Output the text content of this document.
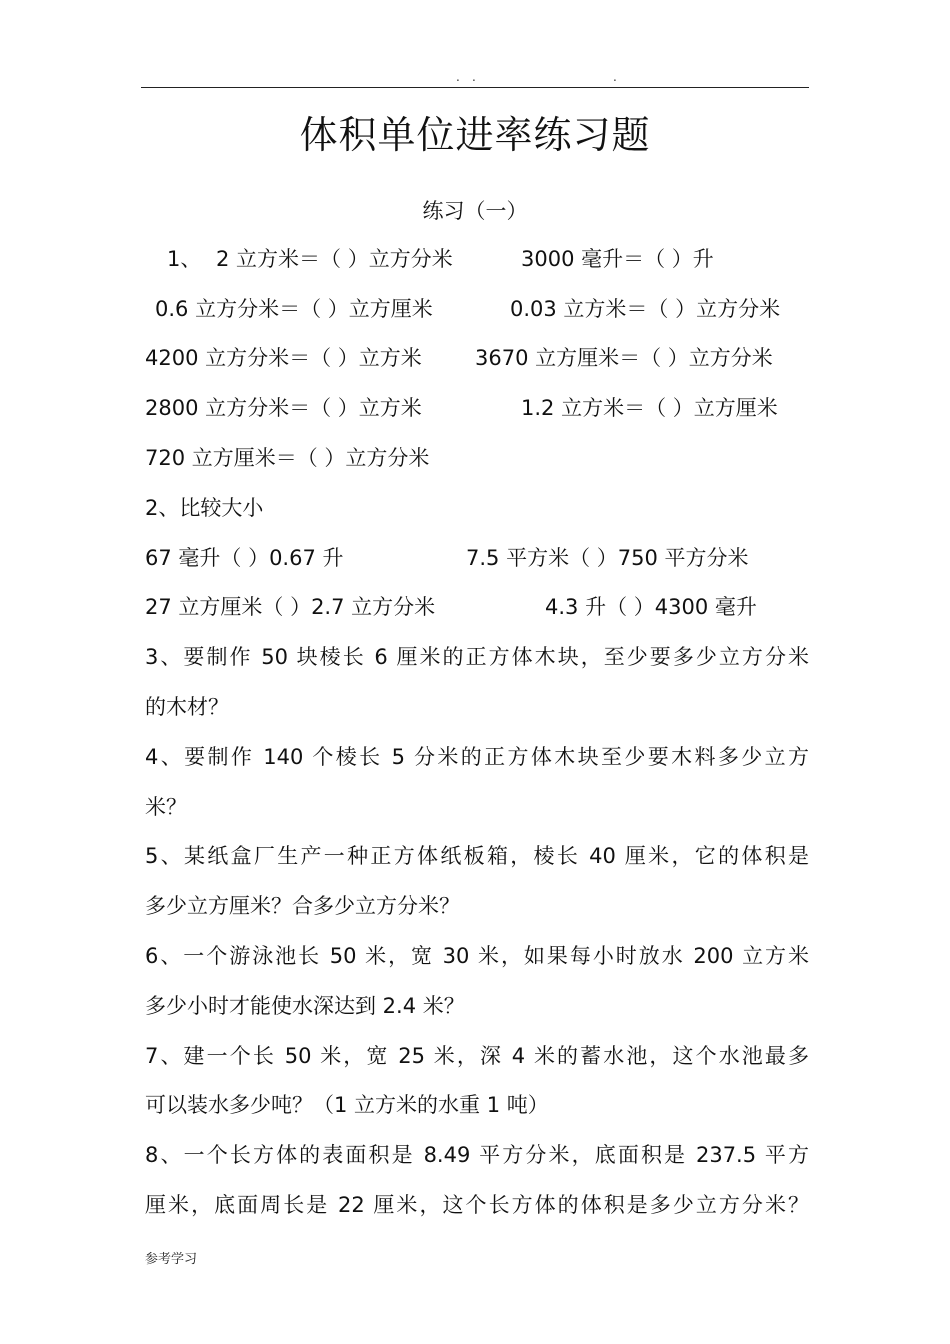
. .	.
体积单位进率练习题
练习（一）
1、 2 立方米＝（ ）立方分米	3000 毫升＝（ ）升
0.6 立方分米＝（ ）立方厘米	0.03 立方米＝（ ）立方分米
4200 立方分米＝（ ）立方米	3670 立方厘米＝（ ）立方分米
2800 立方分米＝（ ）立方米	1.2 立方米＝（ ）立方厘米
720 立方厘米＝（ ）立方分米
2、比较大小
67 毫升（ ）0.67 升	7.5 平方米（ ）750 平方分米
27 立方厘米（ ）2.7 立方分米	4.3 升（ ）4300 毫升
3、要制作 50 块棱长 6 厘米的正方体木块，至少要多少立方分米
的木材？
4、要制作 140 个棱长 5 分米的正方体木块至少要木料多少立方
米？
5、某纸盒厂生产一种正方体纸板箱，棱长 40 厘米，它的体积是
多少立方厘米？合多少立方分米？
6、一个游泳池长 50 米，宽 30 米，如果每小时放水 200 立方米
多少小时才能使水深达到 2.4 米？
7、建一个长 50 米，宽 25 米，深 4 米的蓄水池，这个水池最多
可以装水多少吨？（1 立方米的水重 1 吨）
8、一个长方体的表面积是 8.49 平方分米，底面积是 237.5 平方
厘米，底面周长是 22 厘米，这个长方体的体积是多少立方分米？
参考学习
